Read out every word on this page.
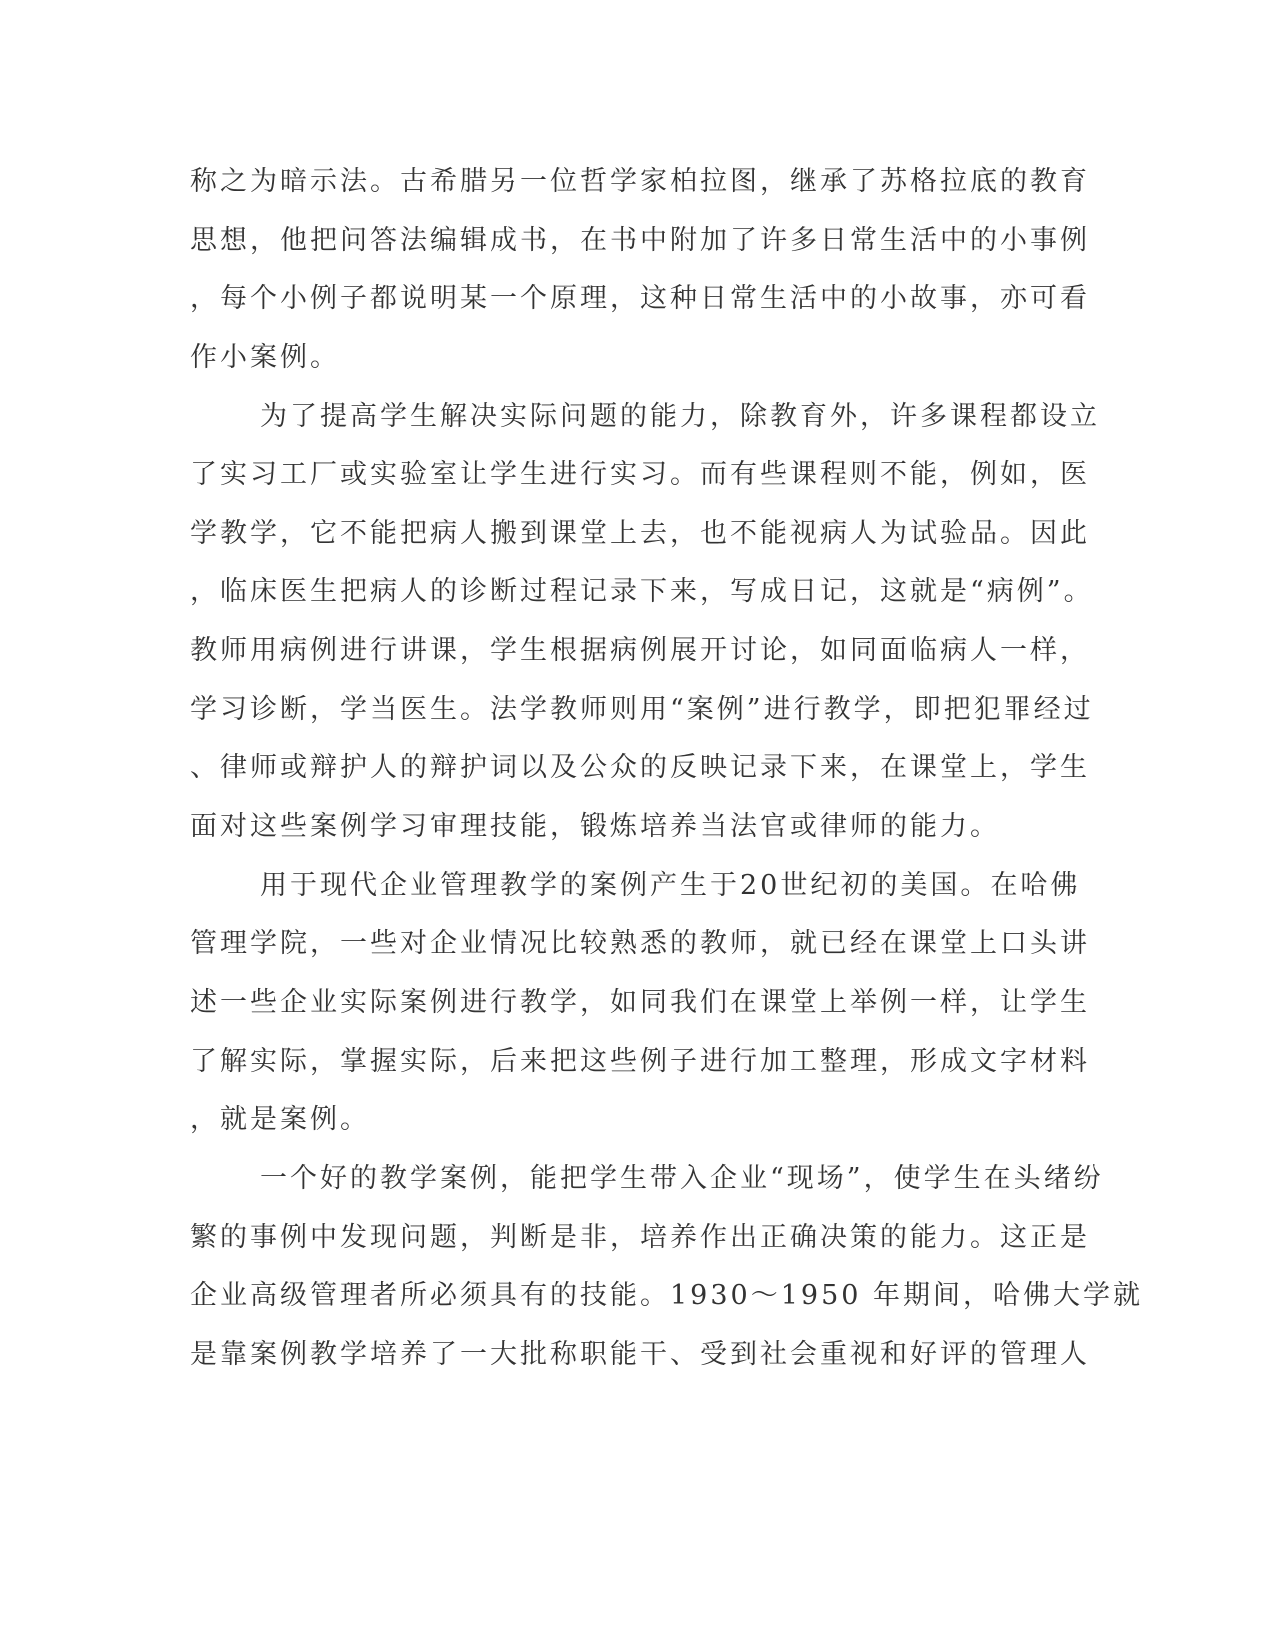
称之为暗示法。古希腊另一位哲学家柏拉图，继承了苏格拉底的教育
思想，他把问答法编辑成书，在书中附加了许多日常生活中的小事例
，每个小例子都说明某一个原理，这种日常生活中的小故事，亦可看
作小案例。
为了提高学生解决实际问题的能力，除教育外，许多课程都设立
了实习工厂或实验室让学生进行实习。而有些课程则不能，例如，医
学教学，它不能把病人搬到课堂上去，也不能视病人为试验品。因此
，临床医生把病人的诊断过程记录下来，写成日记，这就是“病例”。
教师用病例进行讲课，学生根据病例展开讨论，如同面临病人一样，
学习诊断，学当医生。法学教师则用“案例”进行教学，即把犯罪经过
、律师或辩护人的辩护词以及公众的反映记录下来，在课堂上，学生
面对这些案例学习审理技能，锻炼培养当法官或律师的能力。
用于现代企业管理教学的案例产生于20世纪初的美国。在哈佛
管理学院，一些对企业情况比较熟悉的教师，就已经在课堂上口头讲
述一些企业实际案例进行教学，如同我们在课堂上举例一样，让学生
了解实际，掌握实际，后来把这些例子进行加工整理，形成文字材料
，就是案例。
一个好的教学案例，能把学生带入企业“现场”，使学生在头绪纷
繁的事例中发现问题，判断是非，培养作出正确决策的能力。这正是
企业高级管理者所必须具有的技能。1930～1950 年期间，哈佛大学就
是靠案例教学培养了一大批称职能干、受到社会重视和好评的管理人
